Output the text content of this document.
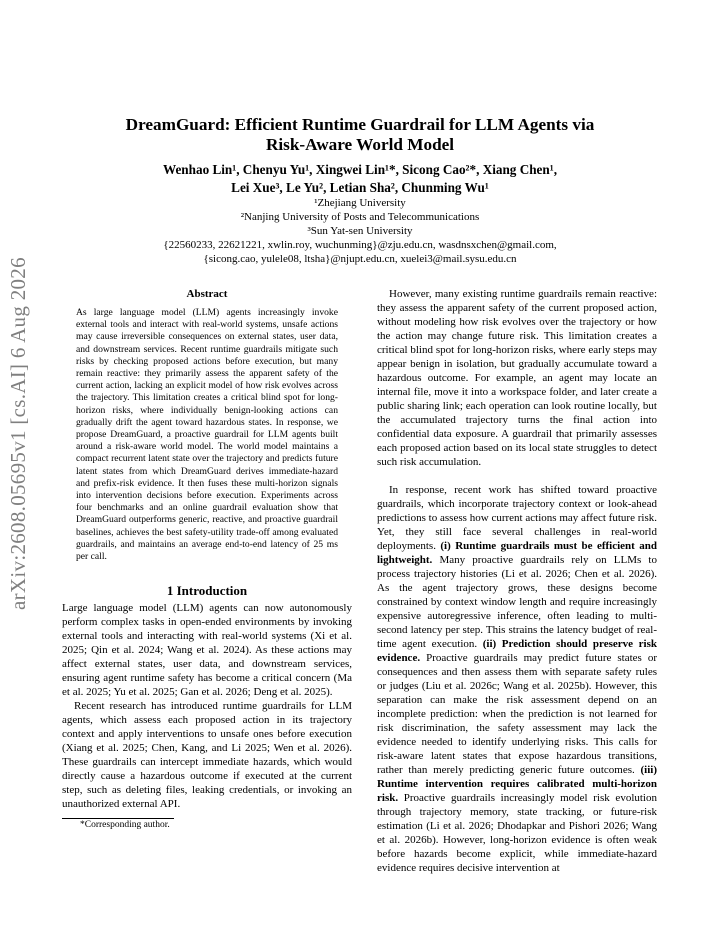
arXiv:2608.05695v1 [cs.AI] 6 Aug 2026
DreamGuard: Efficient Runtime Guardrail for LLM Agents via
Risk-Aware World Model
Wenhao Lin¹, Chenyu Yu¹, Xingwei Lin¹*, Sicong Cao²*, Xiang Chen¹,
Lei Xue³, Le Yu², Letian Sha², Chunming Wu¹
¹Zhejiang University
²Nanjing University of Posts and Telecommunications
³Sun Yat-sen University
{22560233, 22621221, xwlin.roy, wuchunming}@zju.edu.cn, wasdnsxchen@gmail.com,
{sicong.cao, yulele08, ltsha}@njupt.edu.cn, xuelei3@mail.sysu.edu.cn
Abstract
As large language model (LLM) agents increasingly invoke external tools and interact with real-world systems, unsafe actions may cause irreversible consequences on external states, user data, and downstream services. Recent runtime guardrails mitigate such risks by checking proposed actions before execution, but many remain reactive: they primarily assess the apparent safety of the current action, lacking an explicit model of how risk evolves across the trajectory. This limitation creates a critical blind spot for long-horizon risks, where individually benign-looking actions can gradually drift the agent toward hazardous states. In response, we propose DreamGuard, a proactive guardrail for LLM agents built around a risk-aware world model. The world model maintains a compact recurrent latent state over the trajectory and predicts future latent states from which DreamGuard derives immediate-hazard and prefix-risk evidence. It then fuses these multi-horizon signals into intervention decisions before execution. Experiments across four benchmarks and an online guardrail evaluation show that DreamGuard outperforms generic, reactive, and proactive guardrail baselines, achieves the best safety-utility trade-off among evaluated guardrails, and maintains an average end-to-end latency of 25 ms per call.
1 Introduction

Large language model (LLM) agents can now autonomously perform complex tasks in open-ended environments by invoking external tools and interacting with real-world systems (Xi et al. 2025; Qin et al. 2024; Wang et al. 2024). As these actions may affect external states, user data, and downstream services, ensuring agent runtime safety has become a critical concern (Ma et al. 2025; Yu et al. 2025; Gan et al. 2026; Deng et al. 2025).

Recent research has introduced runtime guardrails for LLM agents, which assess each proposed action in its trajectory context and apply interventions to unsafe ones before execution (Xiang et al. 2025; Chen, Kang, and Li 2025; Wen et al. 2026). These guardrails can intercept immediate hazards, which would directly cause a hazardous outcome if executed at the current step, such as deleting files, leaking credentials, or invoking an unauthorized external API.

*Corresponding author.

However, many existing runtime guardrails remain reactive: they assess the apparent safety of the current proposed action, without modeling how risk evolves over the trajectory or how the action may change future risk. This limitation creates a critical blind spot for long-horizon risks, where early steps may appear benign in isolation, but gradually accumulate toward a hazardous outcome. For example, an agent may locate an internal file, move it into a workspace folder, and later create a public sharing link; each operation can look routine locally, but the accumulated trajectory turns the final action into confidential data exposure. A guardrail that primarily assesses each proposed action based on its local state struggles to detect such risk accumulation.

In response, recent work has shifted toward proactive guardrails, which incorporate trajectory context or look-ahead predictions to assess how current actions may affect future risk. Yet, they still face several challenges in real-world deployments. (i) Runtime guardrails must be efficient and lightweight. Many proactive guardrails rely on LLMs to process trajectory histories (Li et al. 2026; Chen et al. 2026). As the agent trajectory grows, these designs become constrained by context window length and require increasingly expensive autoregressive inference, often leading to multi-second latency per step. This strains the latency budget of real-time agent execution. (ii) Prediction should preserve risk evidence. Proactive guardrails may predict future states or consequences and then assess them with separate safety rules or judges (Liu et al. 2026c; Wang et al. 2025b). However, this separation can make the risk assessment depend on an incomplete prediction: when the prediction is not learned for risk discrimination, the safety assessment may lack the evidence needed to identify underlying risks. This calls for risk-aware latent states that expose hazardous transitions, rather than merely predicting generic future outcomes. (iii) Runtime intervention requires calibrated multi-horizon risk. Proactive guardrails increasingly model risk evolution through trajectory memory, state tracking, or future-risk estimation (Li et al. 2026; Dhodapkar and Pishori 2026; Wang et al. 2026b). However, long-horizon evidence is often weak before hazards become explicit, while immediate-hazard evidence requires decisive intervention at
